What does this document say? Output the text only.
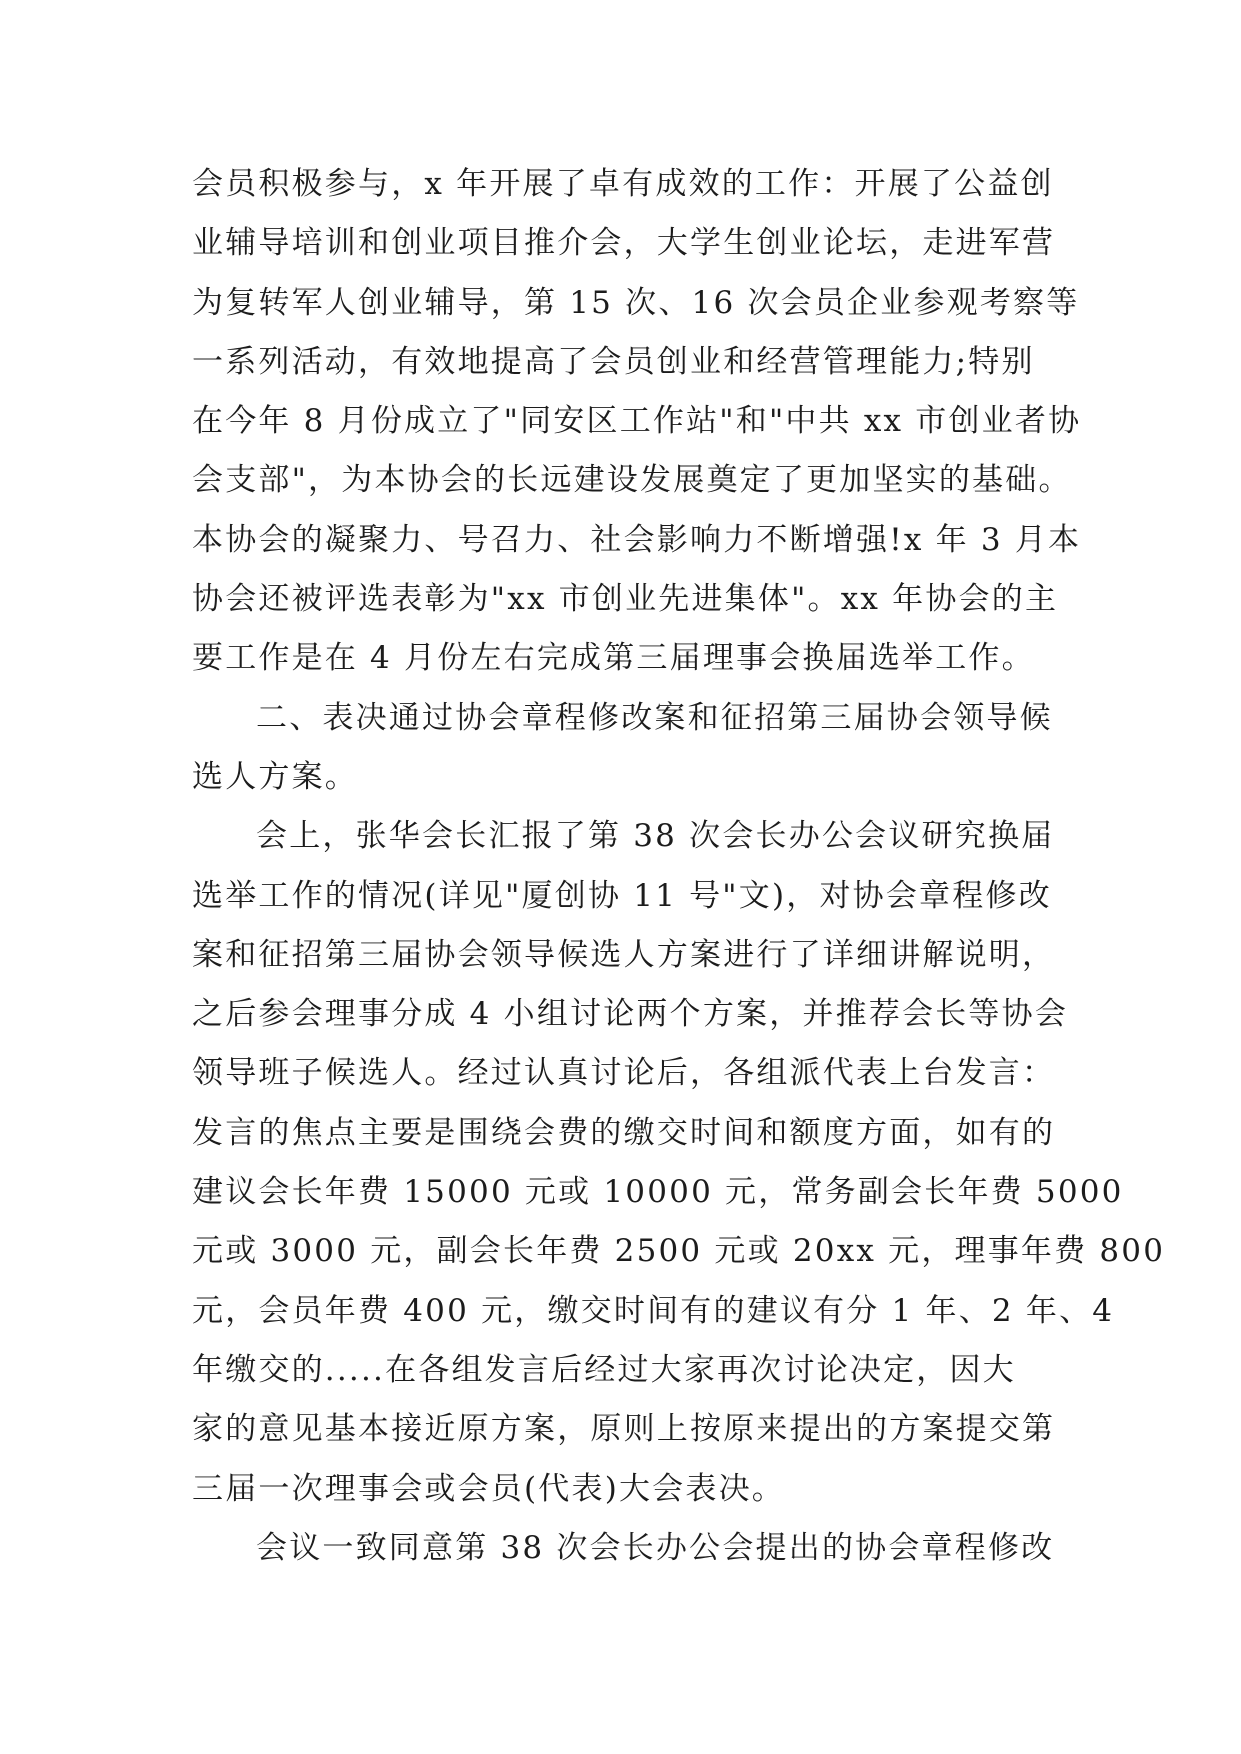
会员积极参与，x 年开展了卓有成效的工作：开展了公益创
业辅导培训和创业项目推介会，大学生创业论坛，走进军营
为复转军人创业辅导，第 15 次、16 次会员企业参观考察等
一系列活动，有效地提高了会员创业和经营管理能力;特别
在今年 8 月份成立了"同安区工作站"和"中共 xx 市创业者协
会支部"，为本协会的长远建设发展奠定了更加坚实的基础。
本协会的凝聚力、号召力、社会影响力不断增强!x 年 3 月本
协会还被评选表彰为"xx 市创业先进集体"。xx 年协会的主
要工作是在 4 月份左右完成第三届理事会换届选举工作。
二、表决通过协会章程修改案和征招第三届协会领导候
选人方案。
会上，张华会长汇报了第 38 次会长办公会议研究换届
选举工作的情况(详见"厦创协 11 号"文)，对协会章程修改
案和征招第三届协会领导候选人方案进行了详细讲解说明，
之后参会理事分成 4 小组讨论两个方案，并推荐会长等协会
领导班子候选人。经过认真讨论后，各组派代表上台发言：
发言的焦点主要是围绕会费的缴交时间和额度方面，如有的
建议会长年费 15000 元或 10000 元，常务副会长年费 5000
元或 3000 元，副会长年费 2500 元或 20xx 元，理事年费 800
元，会员年费 400 元，缴交时间有的建议有分 1 年、2 年、4
年缴交的.....在各组发言后经过大家再次讨论决定，因大
家的意见基本接近原方案，原则上按原来提出的方案提交第
三届一次理事会或会员(代表)大会表决。
会议一致同意第 38 次会长办公会提出的协会章程修改
